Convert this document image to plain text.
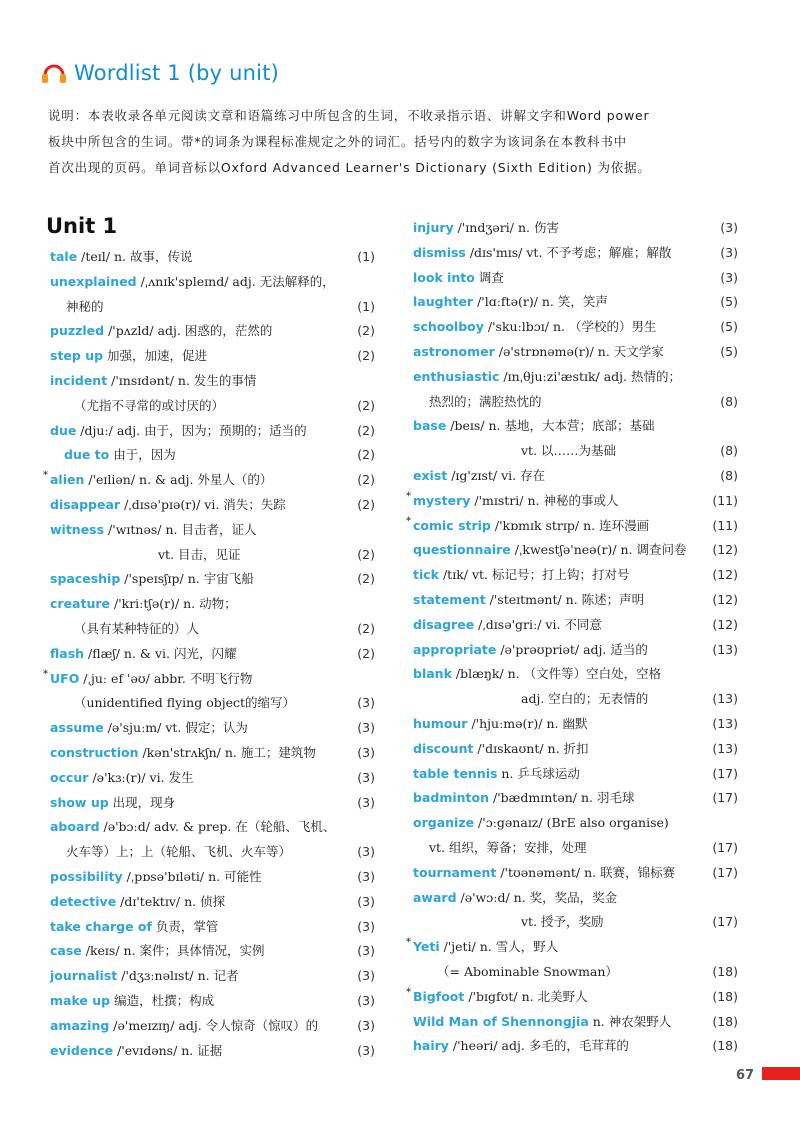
Wordlist 1 (by unit)
说明：本表收录各单元阅读文章和语篇练习中所包含的生词，不收录指示语、讲解文字和Word power
板块中所包含的生词。带*的词条为课程标准规定之外的词汇。括号内的数字为该词条在本教科书中
首次出现的页码。单词音标以Oxford Advanced Learner's Dictionary (Sixth Edition) 为依据。
Unit 1
tale /teɪl/ n. 故事，传说	(1)
unexplained /ˌʌnɪk'spleɪnd/ adj. 无法解释的，
神秘的	(1)
puzzled /'pʌzld/ adj. 困惑的，茫然的	(2)
step up 加强，加速，促进	(2)
incident /'ɪnsɪdənt/ n. 发生的事情
（尤指不寻常的或讨厌的）	(2)
due /djuː/ adj. 由于，因为；预期的；适当的	(2)
due to 由于，因为	(2)
* alien /'eɪliən/ n. & adj. 外星人（的）	(2)
disappear /ˌdɪsə'pɪə(r)/ vi. 消失；失踪	(2)
witness /'wɪtnəs/ n. 目击者，证人
vt. 目击，见证	(2)
spaceship /'speɪsʃɪp/ n. 宇宙飞船	(2)
creature /'kriːtʃə(r)/ n. 动物；
（具有某种特征的）人	(2)
flash /flæʃ/ n. & vi. 闪光，闪耀	(2)
* UFO /ˌjuː ef 'əʊ/ abbr. 不明飞行物
（unidentified flying object的缩写）	(3)
assume /ə'sjuːm/ vt. 假定；认为	(3)
construction /kən'strʌkʃn/ n. 施工；建筑物	(3)
occur /ə'kɜː(r)/ vi. 发生	(3)
show up 出现，现身	(3)
aboard /ə'bɔːd/ adv. & prep. 在（轮船、飞机、
火车等）上；上（轮船、飞机、火车等）	(3)
possibility /ˌpɒsə'bɪləti/ n. 可能性	(3)
detective /dɪ'tektɪv/ n. 侦探	(3)
take charge of 负责，掌管	(3)
case /keɪs/ n. 案件；具体情况，实例	(3)
journalist /'dʒɜːnəlɪst/ n. 记者	(3)
make up 编造，杜撰；构成	(3)
amazing /ə'meɪzɪŋ/ adj. 令人惊奇（惊叹）的	(3)
evidence /'evɪdəns/ n. 证据	(3)
injury /'ɪndʒəri/ n. 伤害	(3)
dismiss /dɪs'mɪs/ vt. 不予考虑；解雇；解散	(3)
look into 调查	(3)
laughter /'lɑːftə(r)/ n. 笑，笑声	(5)
schoolboy /'skuːlbɔɪ/ n. （学校的）男生	(5)
astronomer /ə'strɒnəmə(r)/ n. 天文学家	(5)
enthusiastic /ɪnˌθjuːzi'æstɪk/ adj. 热情的；
热烈的；满腔热忱的	(8)
base /beɪs/ n. 基地，大本营；底部；基础
vt. 以……为基础	(8)
exist /ɪg'zɪst/ vi. 存在	(8)
* mystery /'mɪstri/ n. 神秘的事或人	(11)
* comic strip /'kɒmɪk strɪp/ n. 连环漫画	(11)
questionnaire /ˌkwestʃə'neə(r)/ n. 调查问卷 (12)
tick /tɪk/ vt. 标记号；打上钩；打对号	(12)
statement /'steɪtmənt/ n. 陈述；声明	(12)
disagree /ˌdɪsə'griː/ vi. 不同意	(12)
appropriate /ə'prəʊpriət/ adj. 适当的	(13)
blank /blæŋk/ n. （文件等）空白处，空格
adj. 空白的；无表情的	(13)
humour /'hjuːmə(r)/ n. 幽默	(13)
discount /'dɪskaʊnt/ n. 折扣	(13)
table tennis n. 乒乓球运动	(17)
badminton /'bædmɪntən/ n. 羽毛球	(17)
organize /'ɔːgənaɪz/ (BrE also organise)
vt. 组织，筹备；安排，处理	(17)
tournament /'tʊənəmənt/ n. 联赛，锦标赛	(17)
award /ə'wɔːd/ n. 奖，奖品，奖金
vt. 授予，奖励	(17)
* Yeti /'jeti/ n. 雪人，野人
（= Abominable Snowman）	(18)
* Bigfoot /'bɪgfʊt/ n. 北美野人	(18)
Wild Man of Shennongjia n. 神农架野人	(18)
hairy /'heəri/ adj. 多毛的，毛茸茸的	(18)
67
